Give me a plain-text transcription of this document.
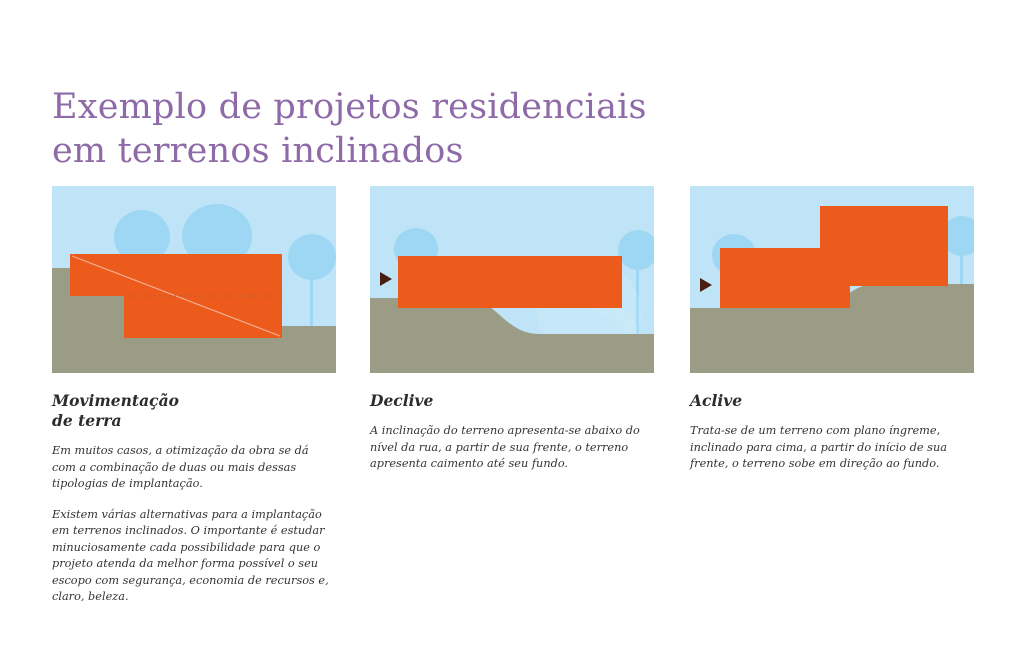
Exemplo de projetos residenciais
em terrenos inclinados
Movimentação
de terra

Em muitos casos, a otimização da obra se dá com a combinação de duas ou mais dessas tipologias de implantação.

Existem várias alternativas para a implantação em terrenos inclinados. O importante é estudar minuciosamente cada possibilidade para que o projeto atenda da melhor forma possível o seu escopo com segurança, economia de recursos e, claro, beleza.

Declive

A inclinação do terreno apresenta-se abaixo do nível da rua, a partir de sua frente, o terreno apresenta caimento até seu fundo.

Aclive

Trata-se de um terreno com plano íngreme, inclinado para cima, a partir do início de sua frente, o terreno sobe em direção ao fundo.
